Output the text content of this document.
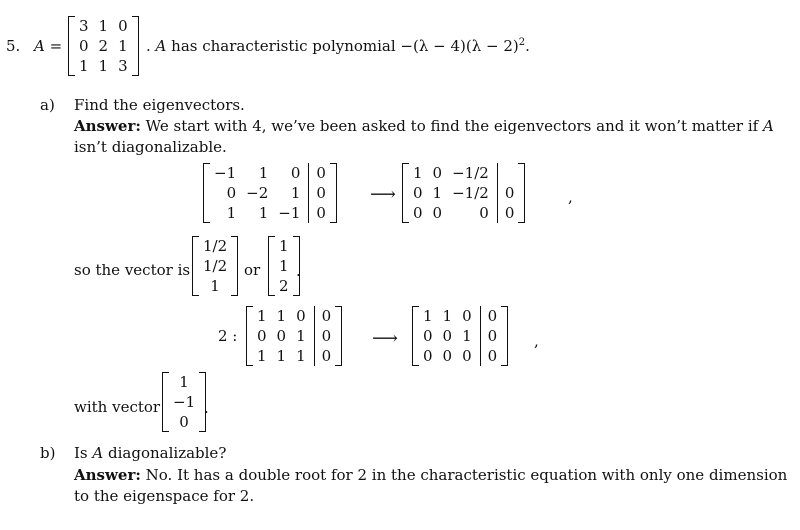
5. A =
3	1	0
0	2	1
1	1	3
. A has characteristic polynomial $-(\lambda - 4)(\lambda - 2)^2$.
a) Find the eigenvectors.
Answer: We start with 4, we’ve been asked to find the eigenvectors and it won’t matter if A
isn’t diagonalizable.
−1	1	0	0
0	−2	1	0
1	1	−1	0
⟶
1	0	−1/2	
0	1	−1/2	0
0	0	0	0
,
so the vector is
1/2
1/2
1
or
1
1
2
.
2 :
1	1	0	0
0	0	1	0
1	1	1	0
⟶
1	1	0	0
0	0	1	0
0	0	0	0
,
with vector
1
−1
0
.
b) Is A diagonalizable?
Answer: No. It has a double root for 2 in the characteristic equation with only one dimension
to the eigenspace for 2.
